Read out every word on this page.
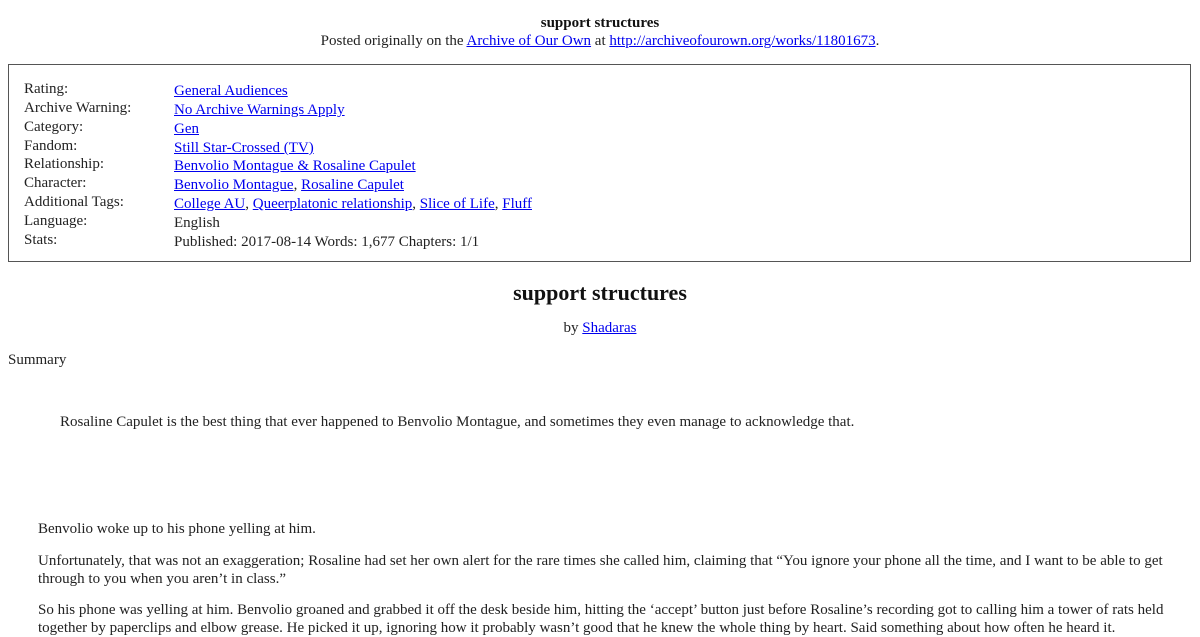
support structures
Posted originally on the Archive of Our Own at http://archiveofourown.org/works/11801673.
Rating:	General Audiences
Archive Warning:	No Archive Warnings Apply
Category:	Gen
Fandom:	Still Star-Crossed (TV)
Relationship:	Benvolio Montague & Rosaline Capulet
Character:	Benvolio Montague, Rosaline Capulet
Additional Tags:	College AU, Queerplatonic relationship, Slice of Life, Fluff
Language:	English
Stats:	Published: 2017-08-14 Words: 1,677 Chapters: 1/1
support structures
by Shadaras
Summary
Rosaline Capulet is the best thing that ever happened to Benvolio Montague, and sometimes they even manage to acknowledge that.
Benvolio woke up to his phone yelling at him.
Unfortunately, that was not an exaggeration; Rosaline had set her own alert for the rare times she called him, claiming that “You ignore your phone all the time, and I want to be able to get through to you when you aren’t in class.”
So his phone was yelling at him. Benvolio groaned and grabbed it off the desk beside him, hitting the ‘accept’ button just before Rosaline’s recording got to calling him a tower of rats held together by paperclips and elbow grease. He picked it up, ignoring how it probably wasn’t good that he knew the whole thing by heart. Said something about how often he heard it.
